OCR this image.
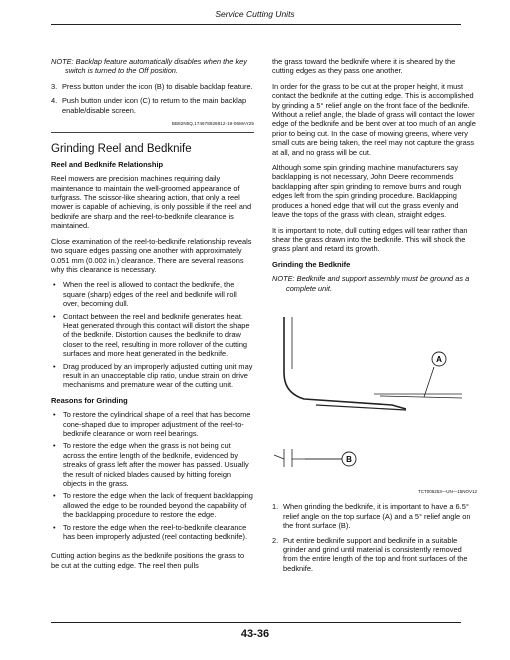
Service Cutting Units

NOTE: Backlap feature automatically disables when the key switch is turned to the Off position.

3. Press button under the icon (B) to disable backlap feature.
4. Push button under icon (C) to return to the main backlap enable/disable screen.
BB82N5Q,174678926812-19-06MAY25
Grinding Reel and Bedknife
Reel and Bedknife Relationship

Reel mowers are precision machines requiring daily maintenance to maintain the well-groomed appearance of turfgrass. The scissor-like shearing action, that only a reel mower is capable of achieving, is only possible if the reel and bedknife are sharp and the reel-to-bedknife clearance is maintained.

Close examination of the reel-to-bedknife relationship reveals two square edges passing one another with approximately 0.051 mm (0.002 in.) clearance. There are several reasons why this clearance is necessary.

• When the reel is allowed to contact the bedknife, the square (sharp) edges of the reel and bedknife will roll over, becoming dull.
• Contact between the reel and bedknife generates heat. Heat generated through this contact will distort the shape of the bedknife. Distortion causes the bedknife to draw closer to the reel, resulting in more rollover of the cutting surfaces and more heat generated in the bedknife.
• Drag produced by an improperly adjusted cutting unit may result in an unacceptable clip ratio, undue strain on drive mechanisms and premature wear of the cutting unit.
Reasons for Grinding
• To restore the cylindrical shape of a reel that has become cone-shaped due to improper adjustment of the reel-to-bedknife clearance or worn reel bearings.
• To restore the edge when the grass is not being cut across the entire length of the bedknife, evidenced by streaks of grass left after the mower has passed. Usually the result of nicked blades caused by hitting foreign objects in the grass.
• To restore the edge when the lack of frequent backlapping allowed the edge to be rounded beyond the capability of the backlapping procedure to restore the edge.
• To restore the edge when the reel-to-bedknife clearance has been improperly adjusted (reel contacting bedknife).

Cutting action begins as the bedknife positions the grass to be cut at the cutting edge. The reel then pulls

the grass toward the bedknife where it is sheared by the cutting edges as they pass one another.

In order for the grass to be cut at the proper height, it must contact the bedknife at the cutting edge. This is accomplished by grinding a 5° relief angle on the front face of the bedknife. Without a relief angle, the blade of grass will contact the lower edge of the bedknife and be bent over at too much of an angle prior to being cut. In the case of mowing greens, where very small cuts are being taken, the reel may not capture the grass at all, and no grass will be cut.

Although some spin grinding machine manufacturers say backlapping is not necessary, John Deere recommends backlapping after spin grinding to remove burrs and rough edges left from the spin grinding procedure. Backlapping produces a honed edge that will cut the grass evenly and leave the tops of the grass with clean, straight edges.

It is important to note, dull cutting edges will tear rather than shear the grass drawn into the bedknife. This will shock the grass plant and retard its growth.

Grinding the Bedknife

NOTE: Bedknife and support assembly must be ground as a complete unit.

A
B
TCT006253—UN—15NOV12
1. When grinding the bedknife, it is important to have a 6.5° relief angle on the top surface (A) and a 5° relief angle on the front surface (B).
2. Put entire bedknife support and bedknife in a suitable grinder and grind until material is consistently removed from the entire length of the top and front surfaces of the bedknife.
43-36
